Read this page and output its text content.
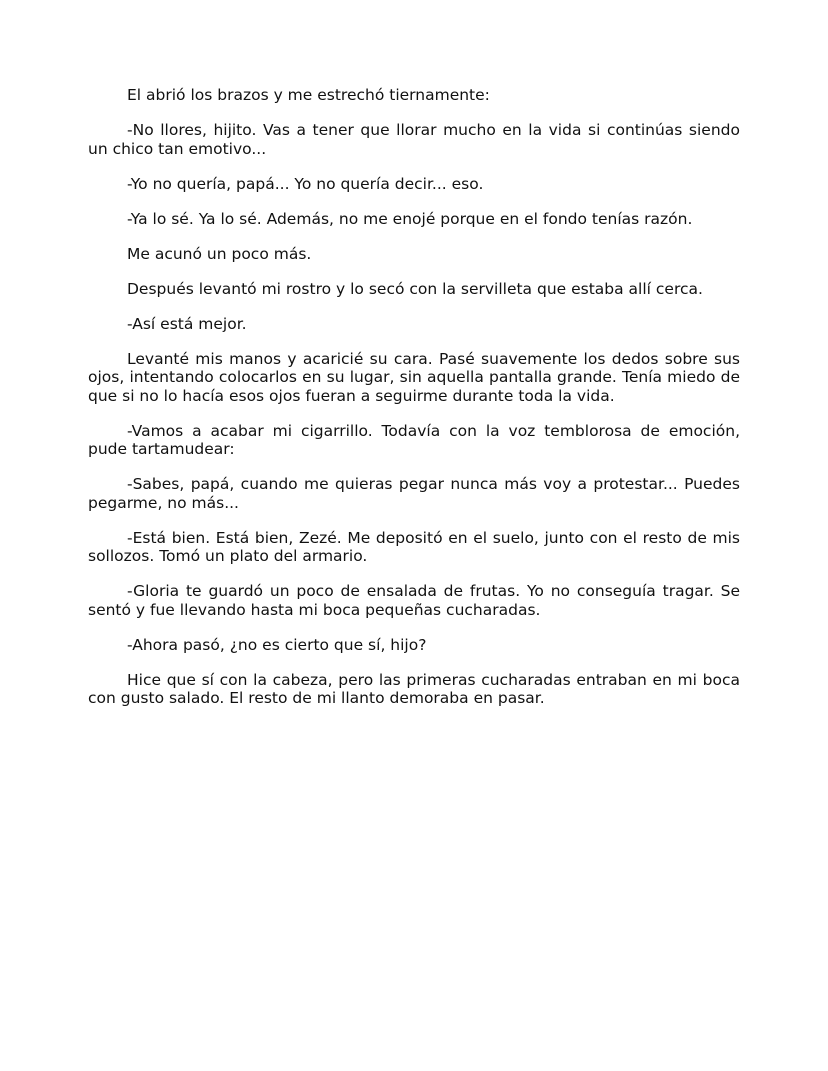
El abrió los brazos y me estrechó tiernamente:

-No llores, hijito. Vas a tener que llorar mucho en la vida si continúas siendo un chico tan emotivo...

-Yo no quería, papá... Yo no quería decir... eso.

-Ya lo sé. Ya lo sé. Además, no me enojé porque en el fondo tenías razón.

Me acunó un poco más.

Después levantó mi rostro y lo secó con la servilleta que estaba allí cerca.

-Así está mejor.

Levanté mis manos y acaricié su cara. Pasé suavemente los dedos sobre sus ojos, intentando colocarlos en su lugar, sin aquella pantalla grande. Tenía miedo de que si no lo hacía esos ojos fueran a seguirme durante toda la vida.

-Vamos a acabar mi cigarrillo. Todavía con la voz temblorosa de emoción, pude tartamudear:

-Sabes, papá, cuando me quieras pegar nunca más voy a protestar... Puedes pegarme, no más...

-Está bien. Está bien, Zezé. Me depositó en el suelo, junto con el resto de mis sollozos. Tomó un plato del armario.

-Gloria te guardó un poco de ensalada de frutas. Yo no conseguía tragar. Se sentó y fue llevando hasta mi boca pequeñas cucharadas.

-Ahora pasó, ¿no es cierto que sí, hijo?

Hice que sí con la cabeza, pero las primeras cucharadas entraban en mi boca con gusto salado. El resto de mi llanto demoraba en pasar.
